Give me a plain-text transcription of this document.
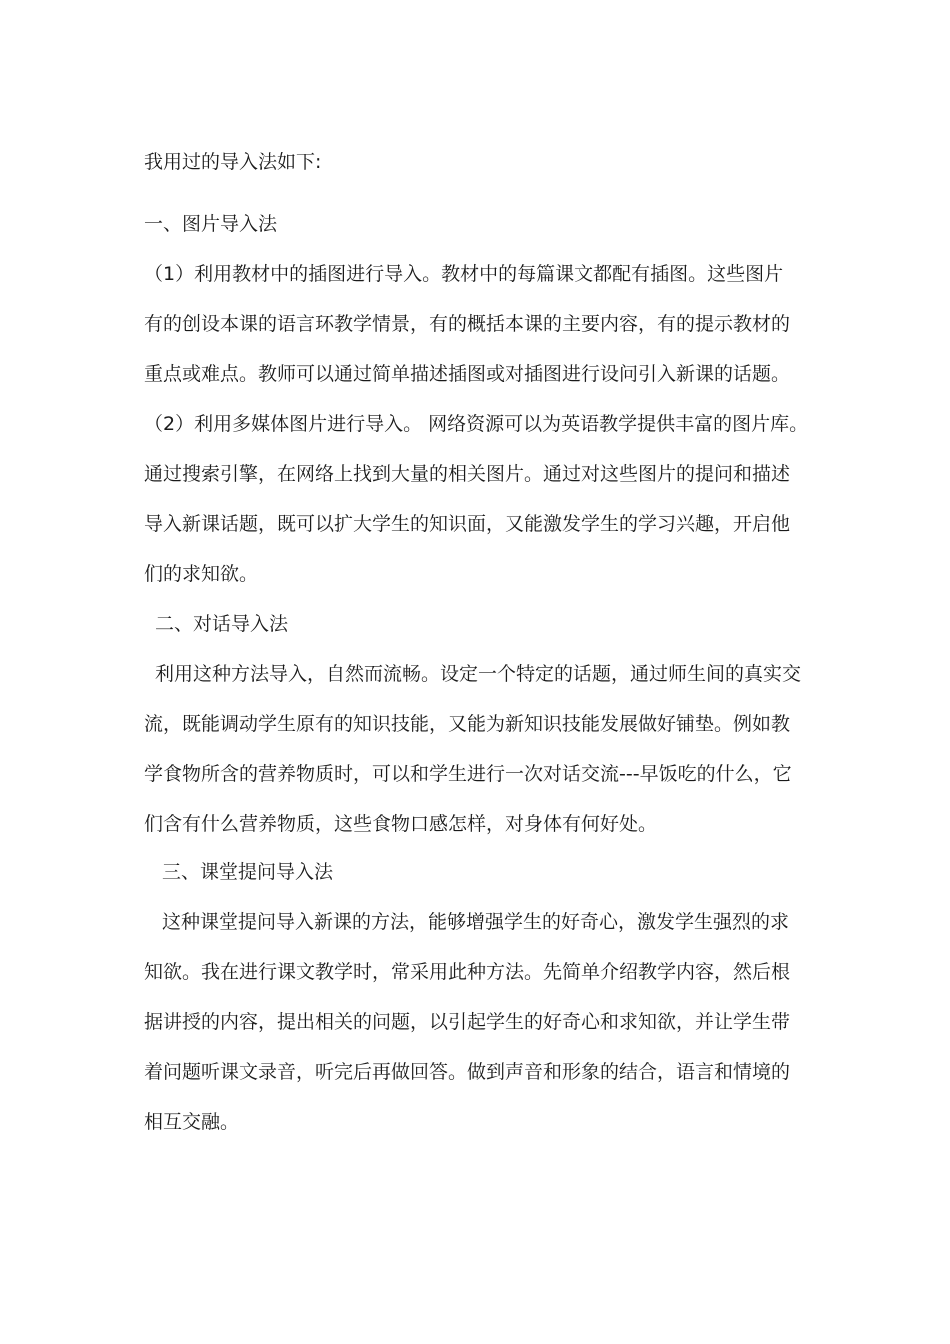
我用过的导入法如下:
一、图片导入法
（1）利用教材中的插图进行导入。教材中的每篇课文都配有插图。这些图片
有的创设本课的语言环教学情景，有的概括本课的主要内容，有的提示教材的
重点或难点。教师可以通过简单描述插图或对插图进行设问引入新课的话题。
（2）利用多媒体图片进行导入。 网络资源可以为英语教学提供丰富的图片库。
通过搜索引擎，在网络上找到大量的相关图片。通过对这些图片的提问和描述
导入新课话题，既可以扩大学生的知识面，又能激发学生的学习兴趣，开启他
们的求知欲。
二、对话导入法
利用这种方法导入，自然而流畅。设定一个特定的话题，通过师生间的真实交
流，既能调动学生原有的知识技能，又能为新知识技能发展做好铺垫。例如教
学食物所含的营养物质时，可以和学生进行一次对话交流---早饭吃的什么，它
们含有什么营养物质，这些食物口感怎样，对身体有何好处。
三、课堂提问导入法
这种课堂提问导入新课的方法，能够增强学生的好奇心，激发学生强烈的求
知欲。我在进行课文教学时，常采用此种方法。先简单介绍教学内容，然后根
据讲授的内容，提出相关的问题，以引起学生的好奇心和求知欲，并让学生带
着问题听课文录音，听完后再做回答。做到声音和形象的结合，语言和情境的
相互交融。
